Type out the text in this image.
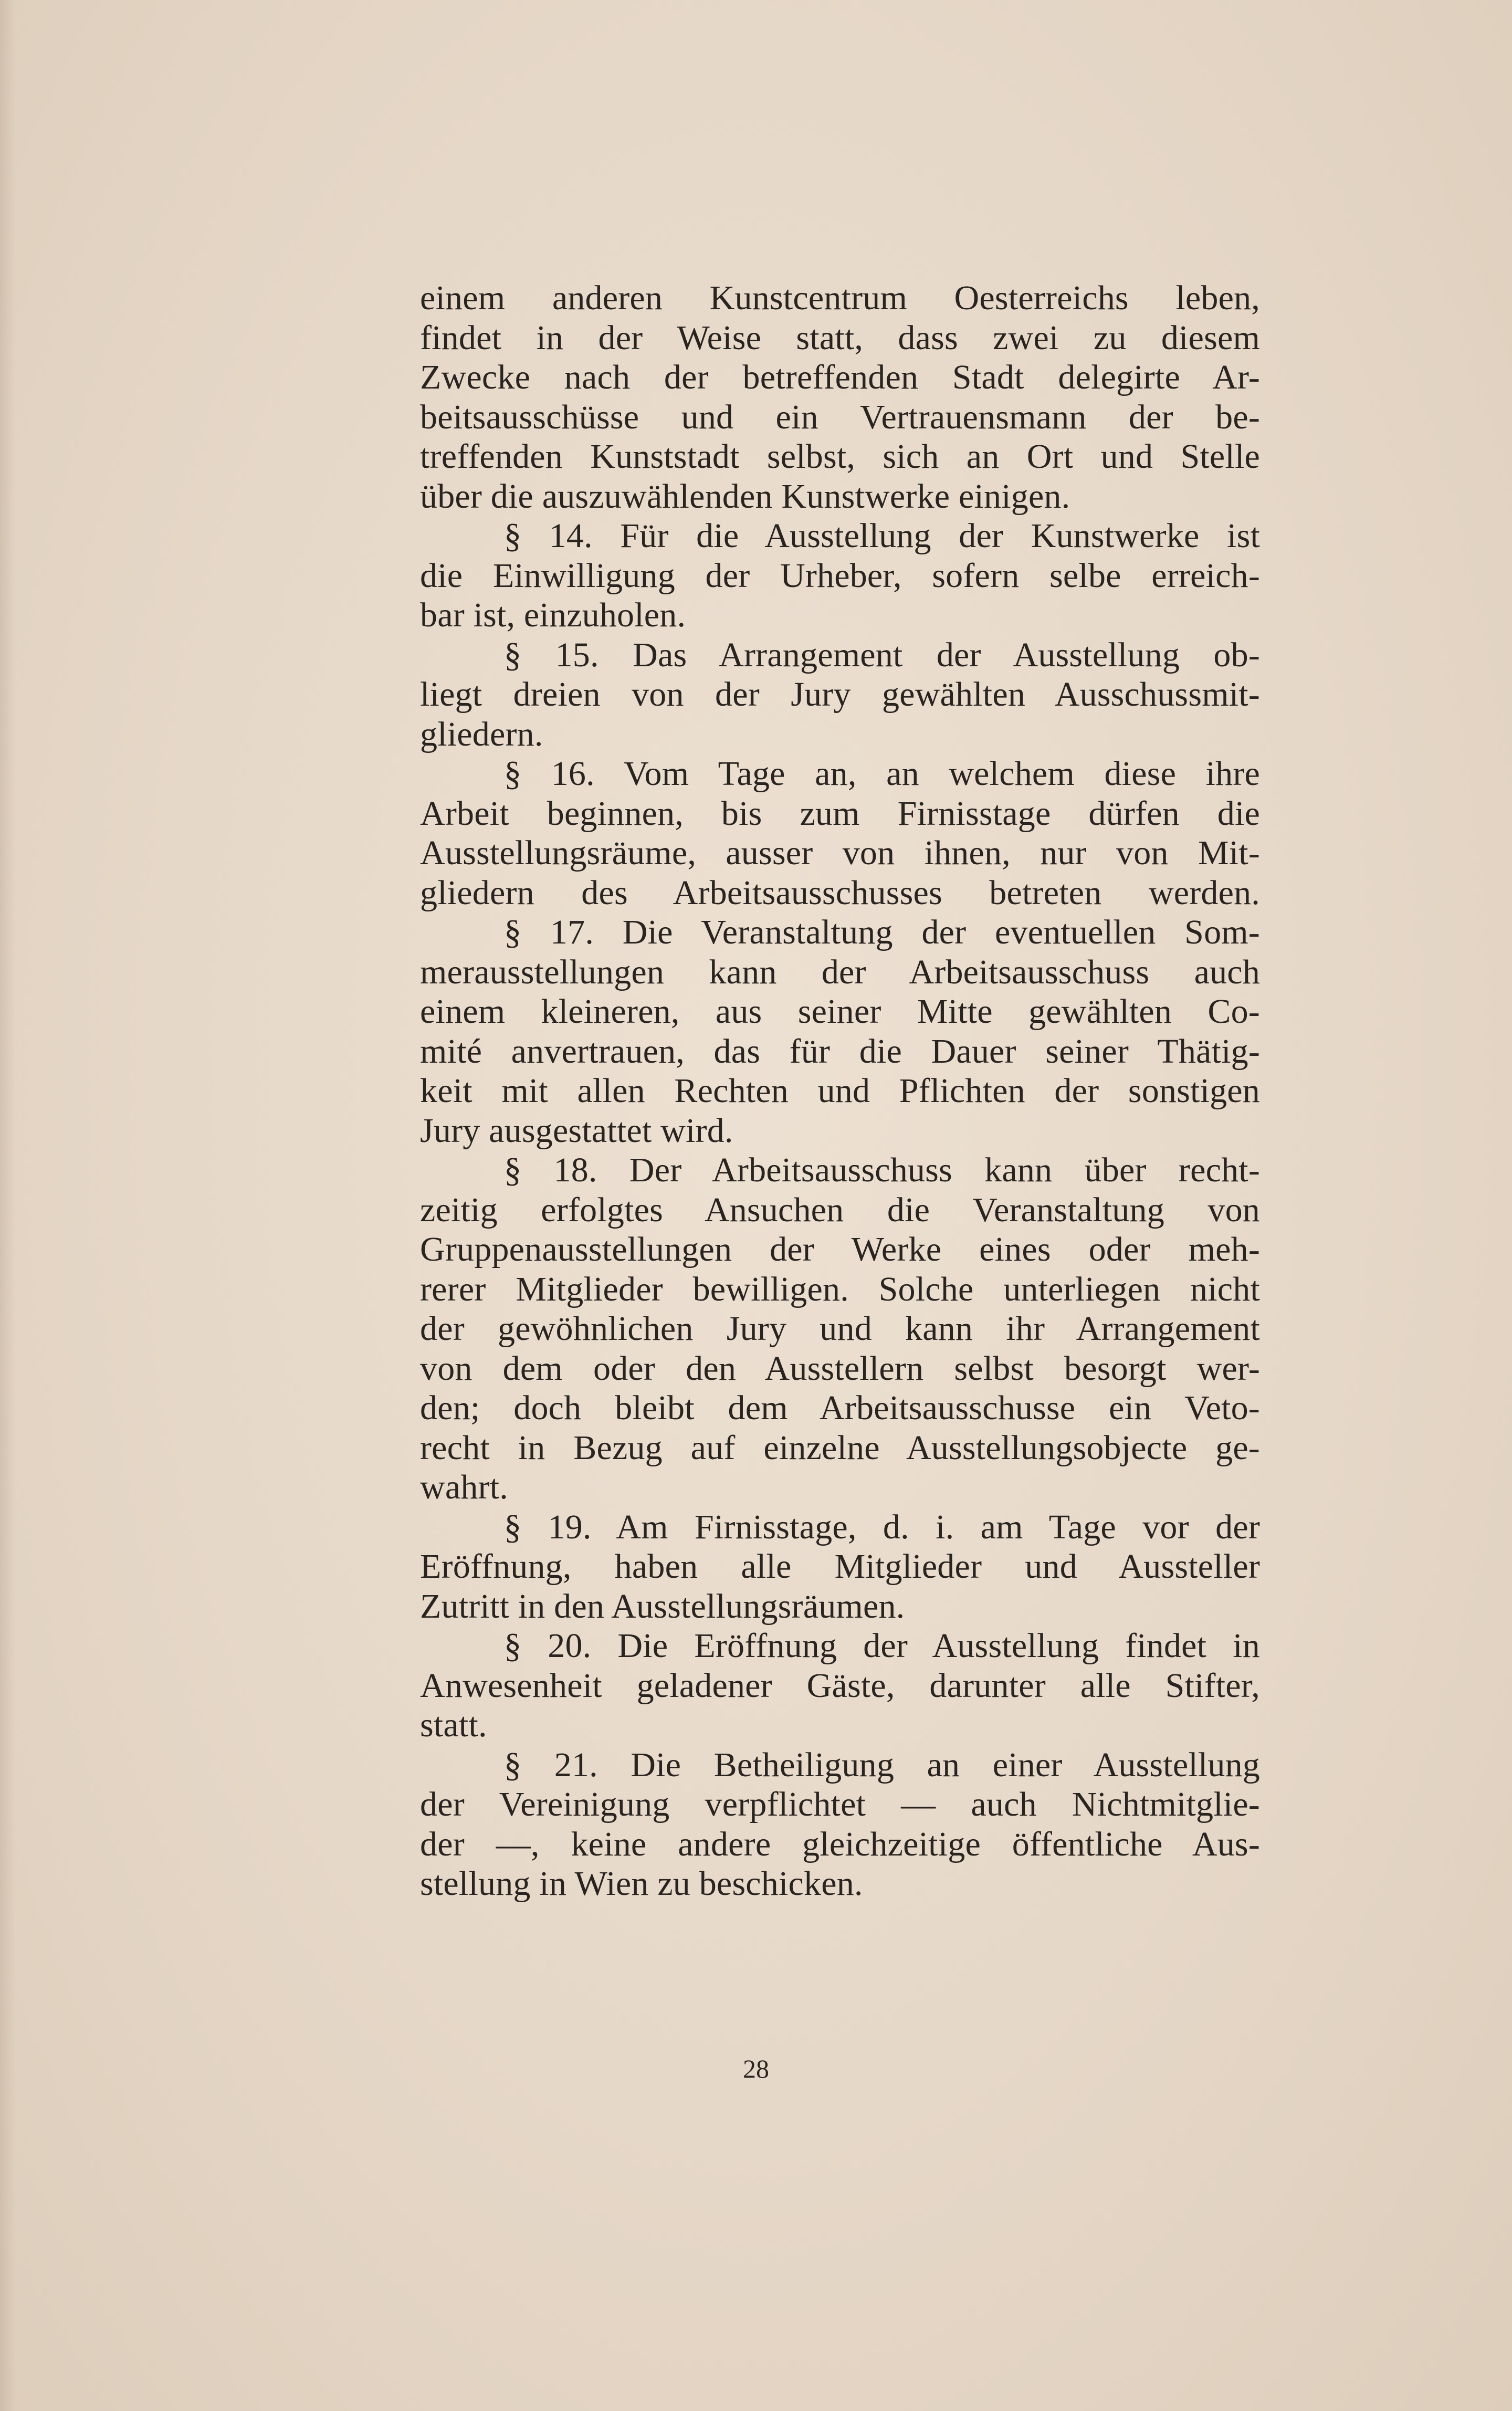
einem anderen Kunstcentrum Oesterreichs leben,
findet in der Weise statt, dass zwei zu diesem
Zwecke nach der betreffenden Stadt delegirte Ar-
beitsausschüsse und ein Vertrauensmann der be-
treffenden Kunststadt selbst, sich an Ort und Stelle
über die auszuwählenden Kunstwerke einigen.
§ 14. Für die Ausstellung der Kunstwerke ist
die Einwilligung der Urheber, sofern selbe erreich-
bar ist, einzuholen.
§ 15. Das Arrangement der Ausstellung ob-
liegt dreien von der Jury gewählten Ausschussmit-
gliedern.
§ 16. Vom Tage an, an welchem diese ihre
Arbeit beginnen, bis zum Firnisstage dürfen die
Ausstellungsräume, ausser von ihnen, nur von Mit-
gliedern des Arbeitsausschusses betreten werden.
§ 17. Die Veranstaltung der eventuellen Som-
merausstellungen kann der Arbeitsausschuss auch
einem kleineren, aus seiner Mitte gewählten Co-
mité anvertrauen, das für die Dauer seiner Thätig-
keit mit allen Rechten und Pflichten der sonstigen
Jury ausgestattet wird.
§ 18. Der Arbeitsausschuss kann über recht-
zeitig erfolgtes Ansuchen die Veranstaltung von
Gruppenausstellungen der Werke eines oder meh-
rerer Mitglieder bewilligen. Solche unterliegen nicht
der gewöhnlichen Jury und kann ihr Arrangement
von dem oder den Ausstellern selbst besorgt wer-
den; doch bleibt dem Arbeitsausschusse ein Veto-
recht in Bezug auf einzelne Ausstellungsobjecte ge-
wahrt.
§ 19. Am Firnisstage, d. i. am Tage vor der
Eröffnung, haben alle Mitglieder und Aussteller
Zutritt in den Ausstellungsräumen.
§ 20. Die Eröffnung der Ausstellung findet in
Anwesenheit geladener Gäste, darunter alle Stifter,
statt.
§ 21. Die Betheiligung an einer Ausstellung
der Vereinigung verpflichtet — auch Nichtmitglie-
der —, keine andere gleichzeitige öffentliche Aus-
stellung in Wien zu beschicken.
28
